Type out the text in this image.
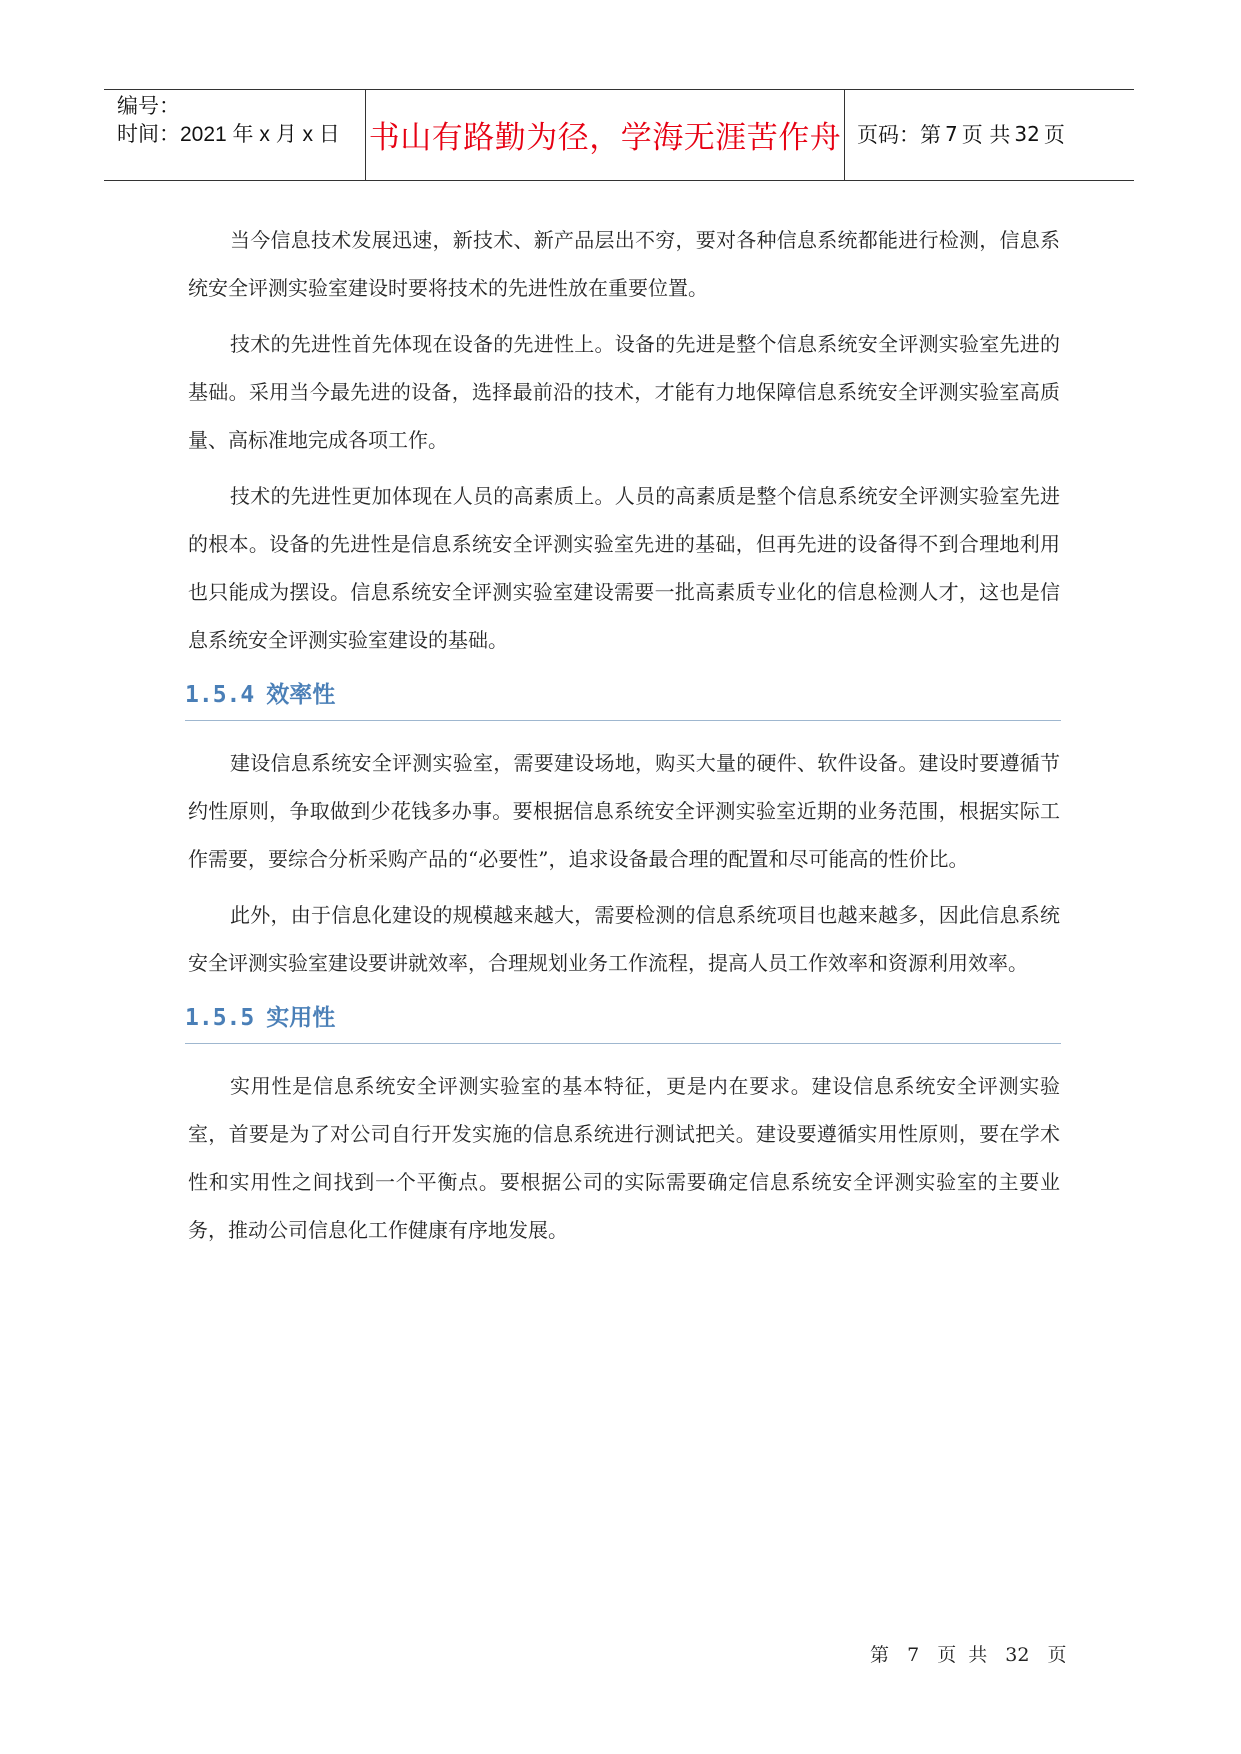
编号：
时间：2021 年 x 月 x 日 书山有路勤为径，学海无涯苦作舟 页码：第 7 页 共 32 页

当今信息技术发展迅速，新技术、新产品层出不穷，要对各种信息系统都能进行检测，信息系统安全评测实验室建设时要将技术的先进性放在重要位置。

技术的先进性首先体现在设备的先进性上。设备的先进是整个信息系统安全评测实验室先进的基础。采用当今最先进的设备，选择最前沿的技术，才能有力地保障信息系统安全评测实验室高质量、高标准地完成各项工作。

技术的先进性更加体现在人员的高素质上。人员的高素质是整个信息系统安全评测实验室先进的根本。设备的先进性是信息系统安全评测实验室先进的基础，但再先进的设备得不到合理地利用也只能成为摆设。信息系统安全评测实验室建设需要一批高素质专业化的信息检测人才，这也是信息系统安全评测实验室建设的基础。

1.5.4 效率性

建设信息系统安全评测实验室，需要建设场地，购买大量的硬件、软件设备。建设时要遵循节约性原则，争取做到少花钱多办事。要根据信息系统安全评测实验室近期的业务范围，根据实际工作需要，要综合分析采购产品的“必要性”，追求设备最合理的配置和尽可能高的性价比。

此外，由于信息化建设的规模越来越大，需要检测的信息系统项目也越来越多，因此信息系统安全评测实验室建设要讲就效率，合理规划业务工作流程，提高人员工作效率和资源利用效率。

1.5.5 实用性

实用性是信息系统安全评测实验室的基本特征，更是内在要求。建设信息系统安全评测实验室，首要是为了对公司自行开发实施的信息系统进行测试把关。建设要遵循实用性原则，要在学术性和实用性之间找到一个平衡点。要根据公司的实际需要确定信息系统安全评测实验室的主要业务，推动公司信息化工作健康有序地发展。

第 7 页 共 32 页
